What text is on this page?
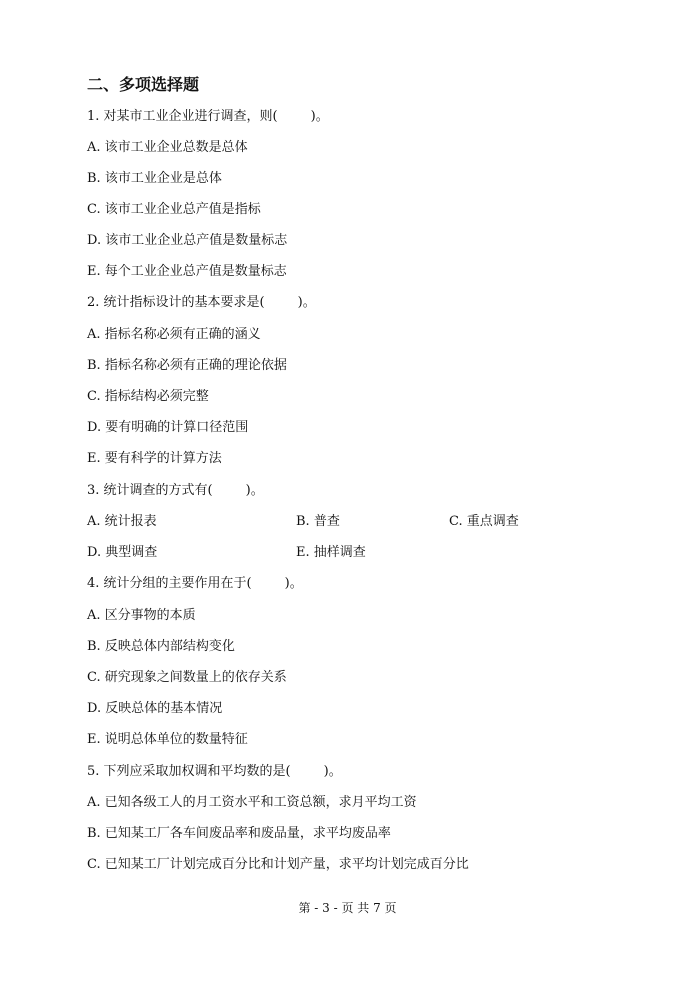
二、多项选择题
1. 对某市工业企业进行调查，则(        )。
A. 该市工业企业总数是总体
B. 该市工业企业是总体
C. 该市工业企业总产值是指标
D. 该市工业企业总产值是数量标志
E. 每个工业企业总产值是数量标志
2. 统计指标设计的基本要求是(        )。
A. 指标名称必须有正确的涵义
B. 指标名称必须有正确的理论依据
C. 指标结构必须完整
D. 要有明确的计算口径范围
E. 要有科学的计算方法
3. 统计调查的方式有(        )。
A. 统计报表	B. 普查	C. 重点调查
D. 典型调查	E. 抽样调查
4. 统计分组的主要作用在于(        )。
A. 区分事物的本质
B. 反映总体内部结构变化
C. 研究现象之间数量上的依存关系
D. 反映总体的基本情况
E. 说明总体单位的数量特征
5. 下列应采取加权调和平均数的是(        )。
A. 已知各级工人的月工资水平和工资总额，求月平均工资
B. 已知某工厂各车间废品率和废品量，求平均废品率
C. 已知某工厂计划完成百分比和计划产量，求平均计划完成百分比
第 - 3 - 页 共 7 页
